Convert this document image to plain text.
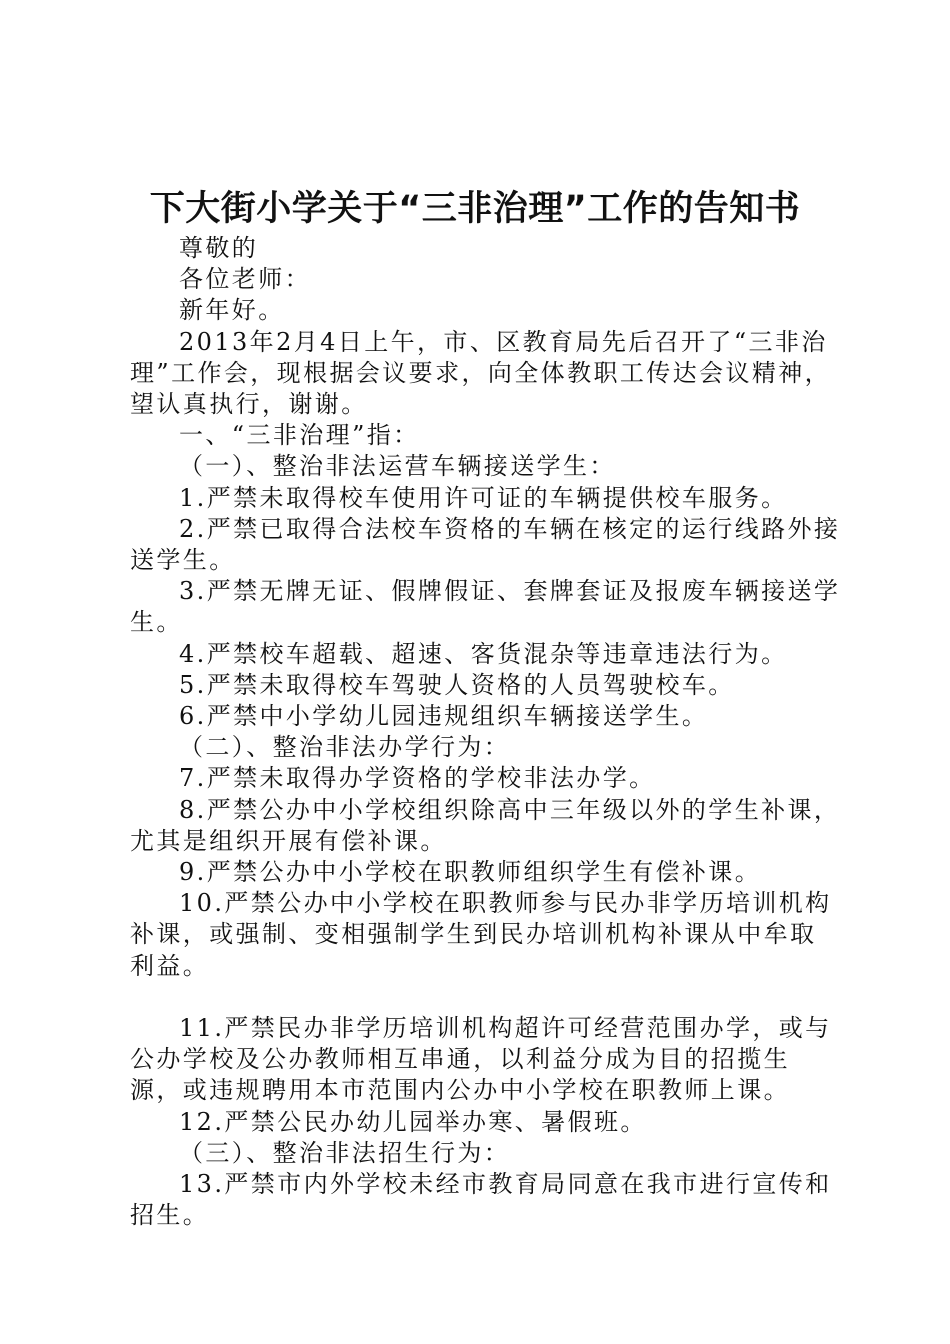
下大街小学关于“三非治理”工作的告知书

尊敬的

各位老师：

新年好。

2013年2月4日上午，市、区教育局先后召开了“三非治理”工作会，现根据会议要求，向全体教职工传达会议精神，望认真执行，谢谢。

一、“三非治理”指：

（一）、整治非法运营车辆接送学生：

1.严禁未取得校车使用许可证的车辆提供校车服务。

2.严禁已取得合法校车资格的车辆在核定的运行线路外接送学生。

3.严禁无牌无证、假牌假证、套牌套证及报废车辆接送学生。

4.严禁校车超载、超速、客货混杂等违章违法行为。

5.严禁未取得校车驾驶人资格的人员驾驶校车。

6.严禁中小学幼儿园违规组织车辆接送学生。

（二）、整治非法办学行为：

7.严禁未取得办学资格的学校非法办学。

8.严禁公办中小学校组织除高中三年级以外的学生补课，尤其是组织开展有偿补课。

9.严禁公办中小学校在职教师组织学生有偿补课。

10.严禁公办中小学校在职教师参与民办非学历培训机构补课，或强制、变相强制学生到民办培训机构补课从中牟取利益。

11.严禁民办非学历培训机构超许可经营范围办学，或与公办学校及公办教师相互串通，以利益分成为目的招揽生源，或违规聘用本市范围内公办中小学校在职教师上课。

12.严禁公民办幼儿园举办寒、暑假班。

（三）、整治非法招生行为：

13.严禁市内外学校未经市教育局同意在我市进行宣传和招生。
